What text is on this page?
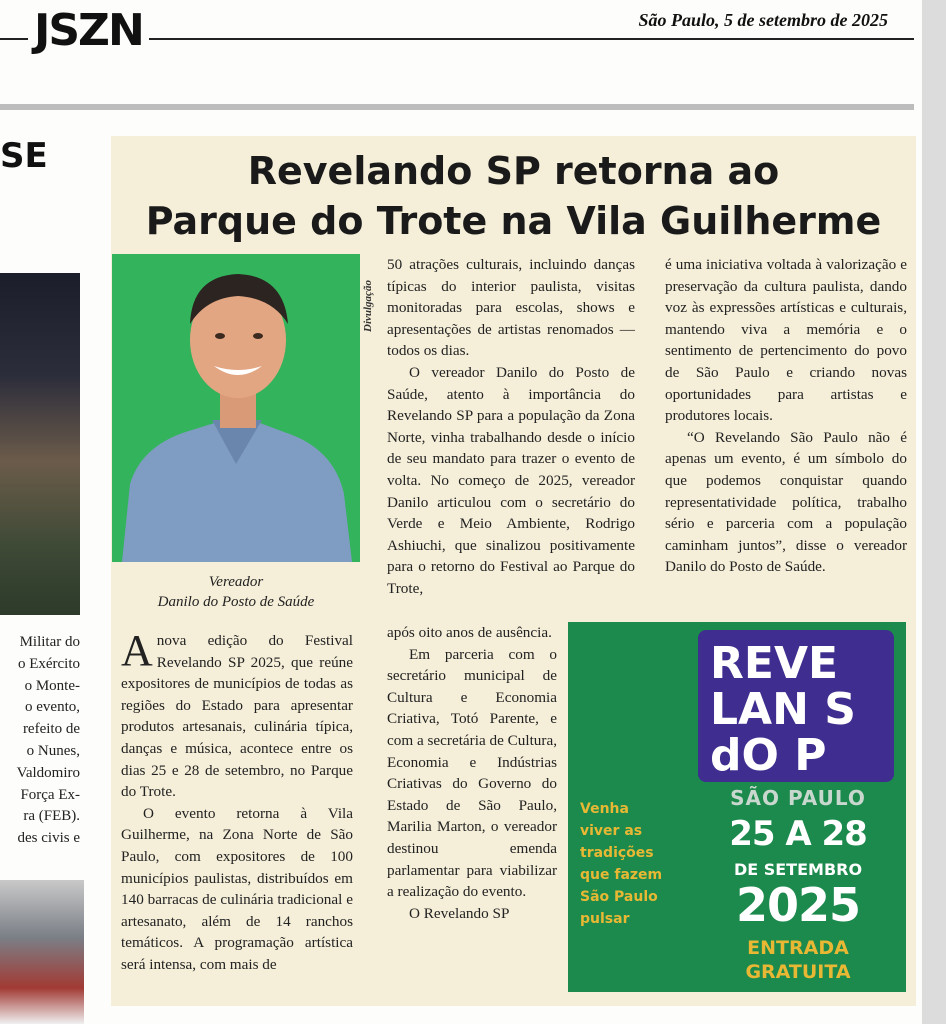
JSZN	São Paulo, 5 de setembro de 2025
SE
Militar do
o Exército
o Monte-
o evento,
refeito de
o Nunes,
Valdomiro
Força Ex-
ra (FEB).
des civis e
Revelando SP retorna ao
Parque do Trote na Vila Guilherme
Divulgação
Vereador
Danilo do Posto de Saúde

Anova edição do Festival Revelando SP 2025, que reúne expositores de municípios de todas as regiões do Estado para apresentar produtos artesanais, culinária típica, danças e música, acontece entre os dias 25 e 28 de setembro, no Parque do Trote.

O evento retorna à Vila Guilherme, na Zona Norte de São Paulo, com expositores de 100 municípios paulistas, distribuídos em 140 barracas de culinária tradicional e artesanato, além de 14 ranchos temáticos. A programação artística será intensa, com mais de

50 atrações culturais, incluindo danças típicas do interior paulista, visitas monitoradas para escolas, shows e apresentações de artistas renomados — todos os dias.

O vereador Danilo do Posto de Saúde, atento à importância do Revelando SP para a população da Zona Norte, vinha trabalhando desde o início de seu mandato para trazer o evento de volta. No começo de 2025, vereador Danilo articulou com o secretário do Verde e Meio Ambiente, Rodrigo Ashiuchi, que sinalizou positivamente para o retorno do Festival ao Parque do Trote,

após oito anos de ausência.

Em parceria com o secretário municipal de Cultura e Economia Criativa, Totó Parente, e com a secretária de Cultura, Economia e Indústrias Criativas do Governo do Estado de São Paulo, Marilia Marton, o vereador destinou emenda parlamentar para viabilizar a realização do evento.

O Revelando SP

é uma iniciativa voltada à valorização e preservação da cultura paulista, dando voz às expressões artísticas e culturais, mantendo viva a memória e o sentimento de pertencimento do povo de São Paulo e criando novas oportunidades para artistas e produtores locais.

“O Revelando São Paulo não é apenas um evento, é um símbolo do que podemos conquistar quando representatividade política, trabalho sério e parceria com a população caminham juntos”, disse o vereador Danilo do Posto de Saúde.

REVE
LAN S
dO P
Venha
viver as
tradições
que fazem
São Paulo
pulsar
SÃO PAULO
25 A 28
DE SETEMBRO
2025
ENTRADA
GRATUITA
